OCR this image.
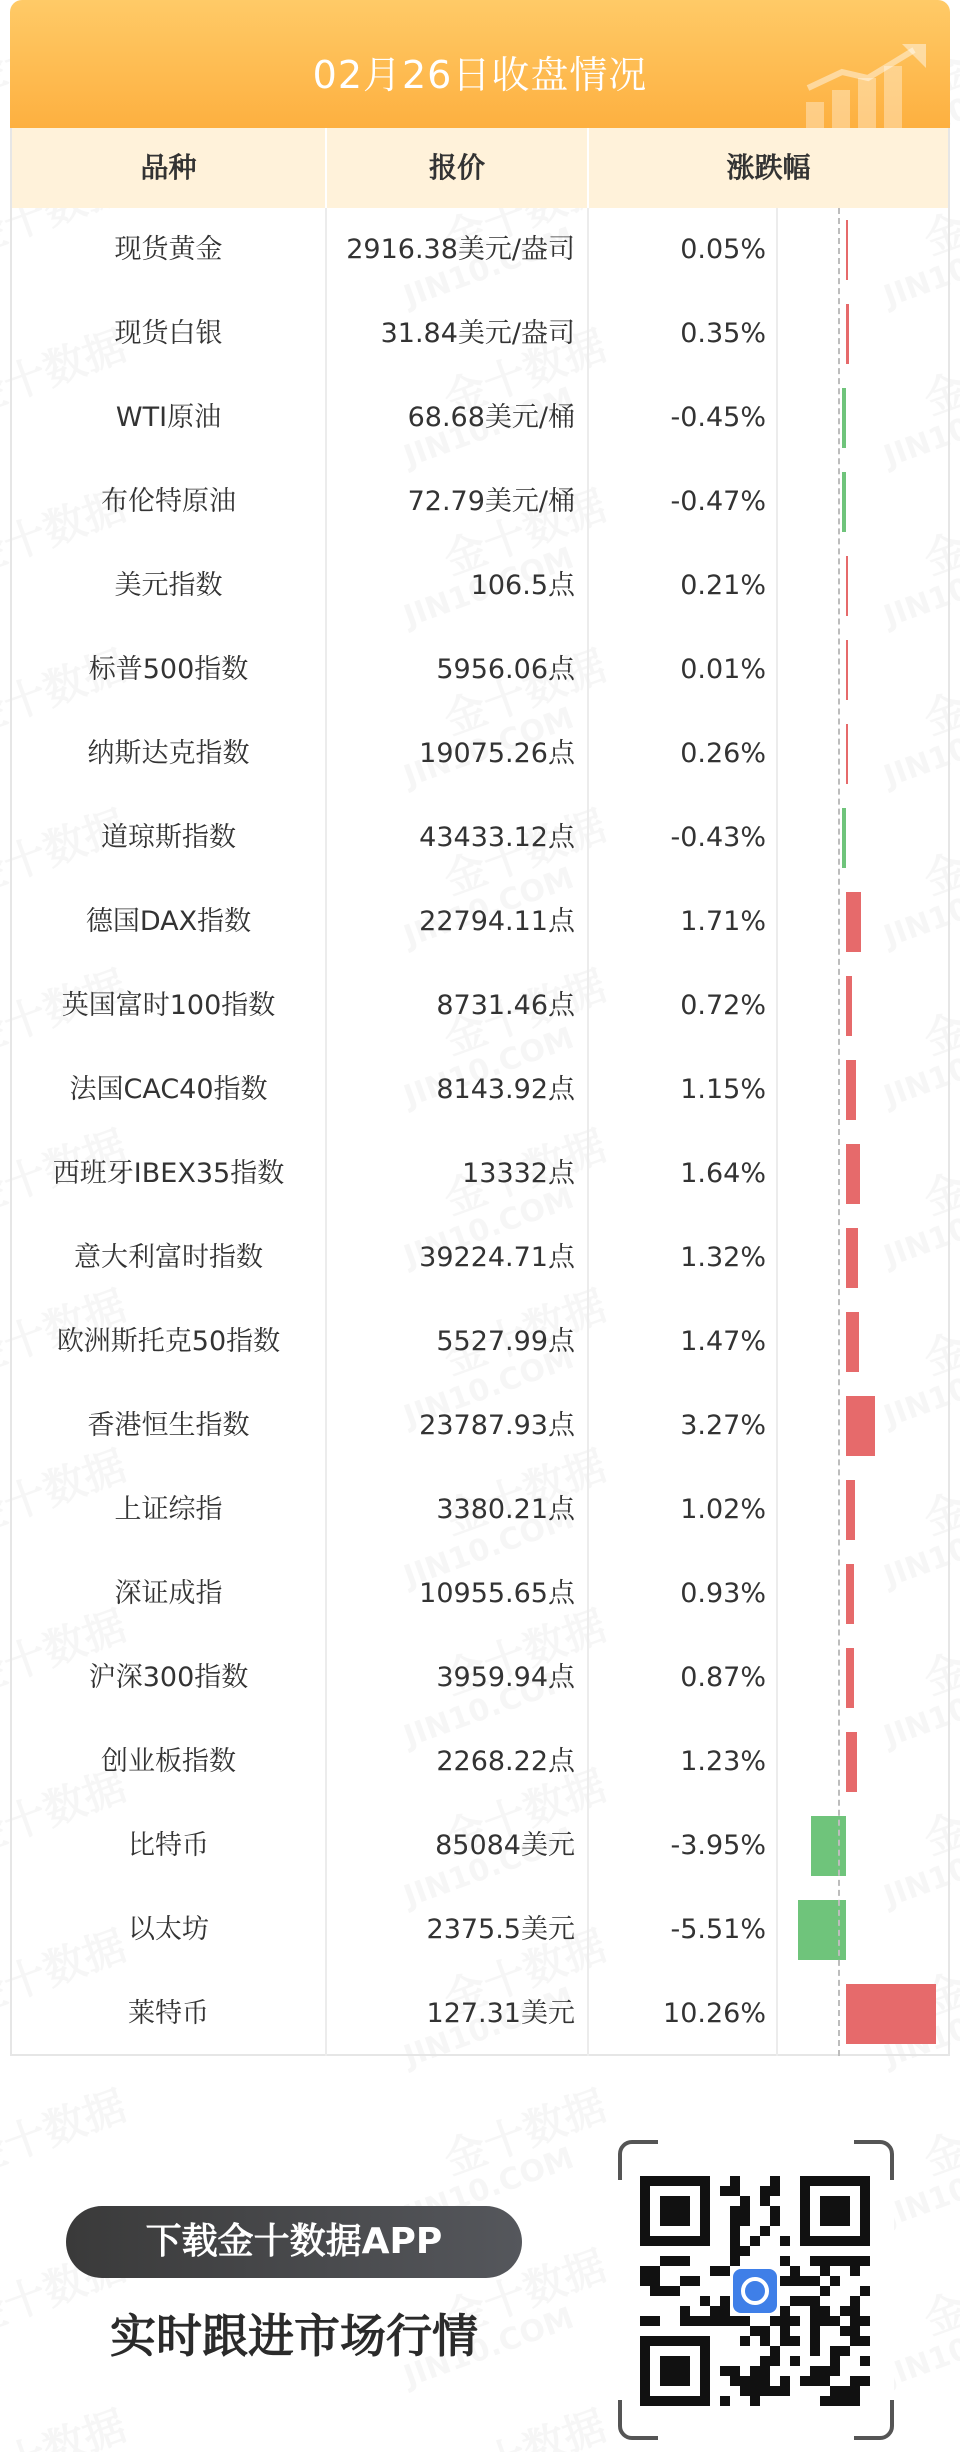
02月26日收盘情况
品种	报价	涨跌幅
现货黄金	2916.38美元/盎司	0.05%
现货白银	31.84美元/盎司	0.35%
WTI原油	68.68美元/桶	-0.45%
布伦特原油	72.79美元/桶	-0.47%
美元指数	106.5点	0.21%
标普500指数	5956.06点	0.01%
纳斯达克指数	19075.26点	0.26%
道琼斯指数	43433.12点	-0.43%
德国DAX指数	22794.11点	1.71%
英国富时100指数	8731.46点	0.72%
法国CAC40指数	8143.92点	1.15%
西班牙IBEX35指数	13332点	1.64%
意大利富时指数	39224.71点	1.32%
欧洲斯托克50指数	5527.99点	1.47%
香港恒生指数	23787.93点	3.27%
上证综指	3380.21点	1.02%
深证成指	10955.65点	0.93%
沪深300指数	3959.94点	0.87%
创业板指数	2268.22点	1.23%
比特币	85084美元	-3.95%
以太坊	2375.5美元	-5.51%
莱特币	127.31美元	10.26%
下载金十数据APP
实时跟进市场行情
